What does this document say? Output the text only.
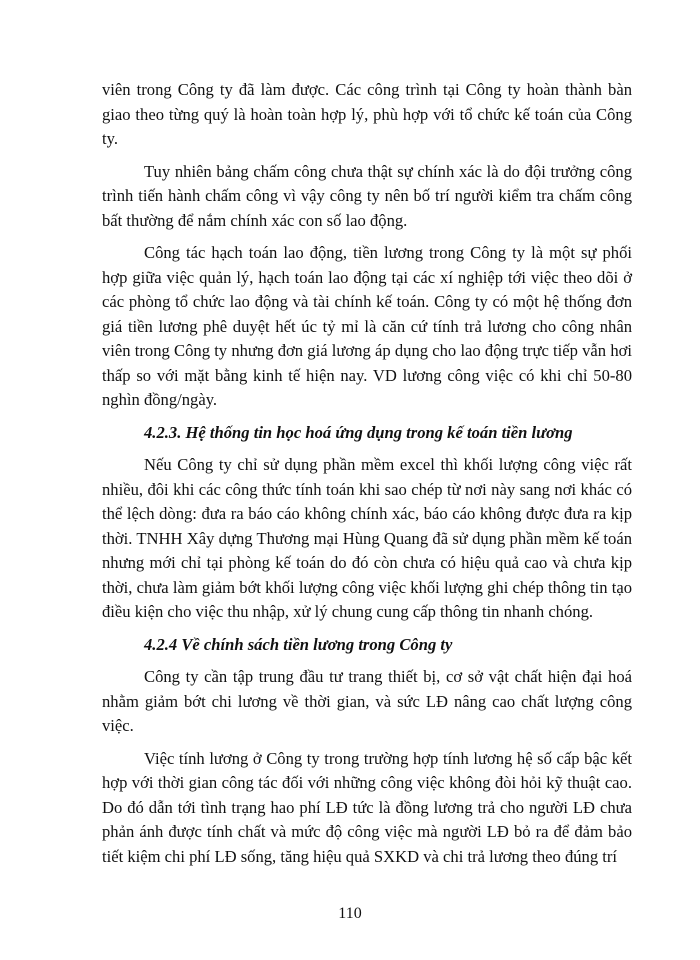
viên trong Công ty đã làm được. Các công trình tại Công ty hoàn thành bàn giao theo từng quý là hoàn toàn hợp lý, phù hợp với tổ chức kế toán của Công ty.

Tuy nhiên bảng chấm công chưa thật sự chính xác là do đội trưởng công trình tiến hành chấm công vì vậy công ty nên bố trí người kiểm tra chấm công bất thường để nắm chính xác con số lao động.

Công tác hạch toán lao động, tiền lương trong Công ty là một sự phối hợp giữa việc quản lý, hạch toán lao động tại các xí nghiệp tới việc theo dõi ở các phòng tổ chức lao động và tài chính kế toán. Công ty có một hệ thống đơn giá tiền lương phê duyệt hết úc tỷ mỉ là căn cứ tính trả lương cho công nhân viên trong Công ty nhưng đơn giá lương áp dụng cho lao động trực tiếp vẫn hơi thấp so với mặt bằng kinh tế hiện nay. VD lương công việc có khi chỉ 50-80 nghìn đồng/ngày.

4.2.3. Hệ thống tin học hoá ứng dụng trong kế toán tiền lương

Nếu Công ty chỉ sử dụng phần mềm excel thì khối lượng công việc rất nhiều, đôi khi các công thức tính toán khi sao chép từ nơi này sang nơi khác có thể lệch dòng: đưa ra báo cáo không chính xác, báo cáo không được đưa ra kịp thời. TNHH Xây dựng Thương mại Hùng Quang đã sử dụng phần mềm kế toán nhưng mới chỉ tại phòng kế toán do đó còn chưa có hiệu quả cao và chưa kịp thời, chưa làm giảm bớt khối lượng công việc khối lượng ghi chép thông tin tạo điều kiện cho việc thu nhập, xử lý chung cung cấp thông tin nhanh chóng.

4.2.4 Về chính sách tiền lương trong Công ty

Công ty cần tập trung đầu tư trang thiết bị, cơ sở vật chất hiện đại hoá nhằm giảm bớt chi lương về thời gian, và sức LĐ nâng cao chất lượng công việc.

Việc tính lương ở Công ty trong trường hợp tính lương hệ số cấp bậc kết hợp với thời gian công tác đối với những công việc không đòi hỏi kỹ thuật cao. Do đó dẫn tới tình trạng hao phí LĐ tức là đồng lương trả cho người LĐ chưa phản ánh được tính chất và mức độ công việc mà người LĐ bỏ ra để đảm bảo tiết kiệm chi phí LĐ sống, tăng hiệu quả SXKD và chi trả lương theo đúng trí

110
